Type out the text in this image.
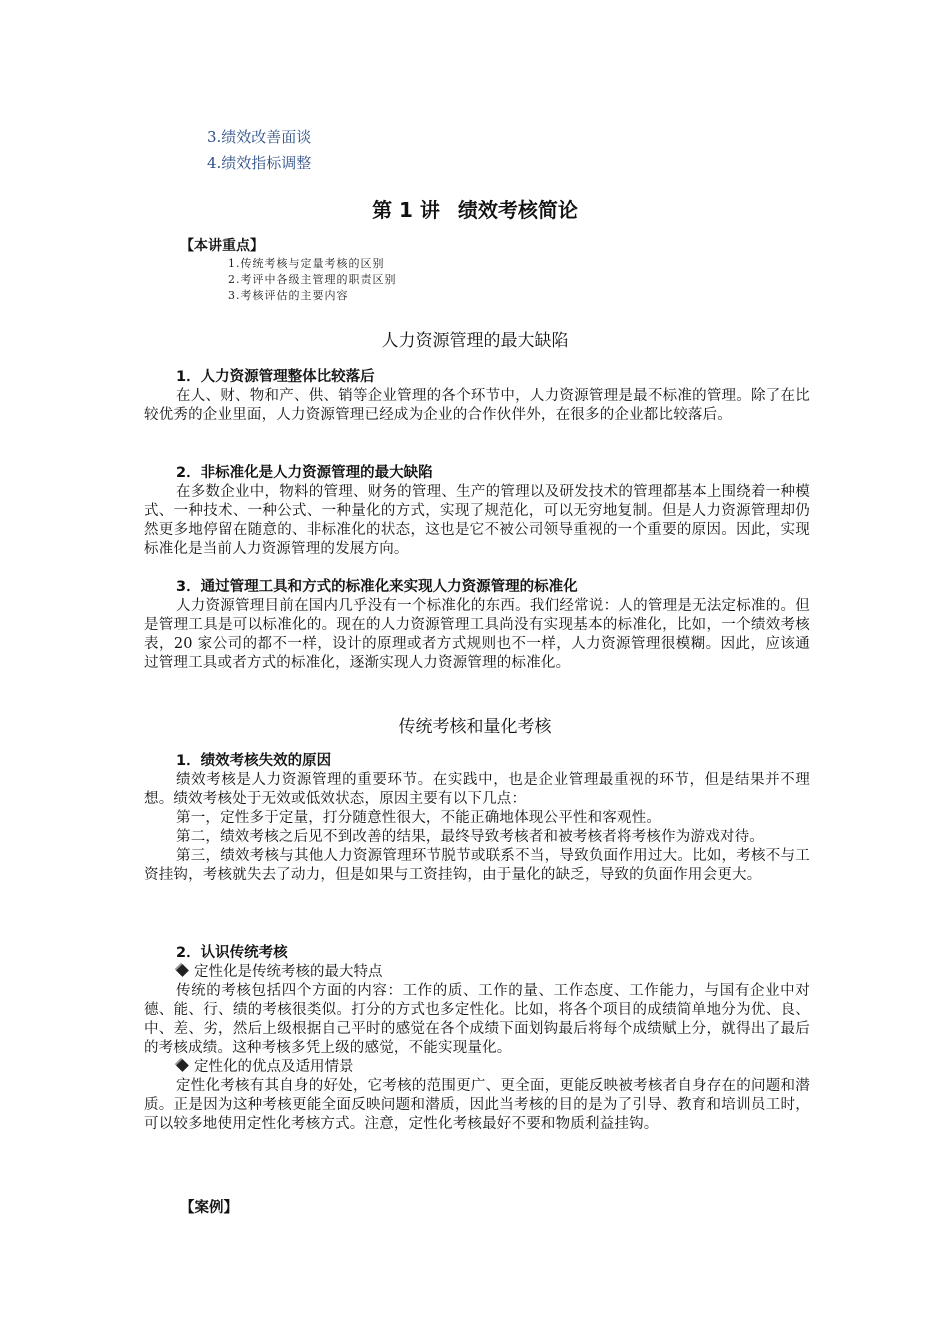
3.绩效改善面谈
4.绩效指标调整
第 1 讲 绩效考核简论
【本讲重点】
1.传统考核与定量考核的区别
2.考评中各级主管理的职责区别
3.考核评估的主要内容
人力资源管理的最大缺陷
1．人力资源管理整体比较落后
在人、财、物和产、供、销等企业管理的各个环节中，人力资源管理是最不标准的管理。除了在比较优秀的企业里面，人力资源管理已经成为企业的合作伙伴外，在很多的企业都比较落后。
2．非标准化是人力资源管理的最大缺陷
在多数企业中，物料的管理、财务的管理、生产的管理以及研发技术的管理都基本上围绕着一种模式、一种技术、一种公式、一种量化的方式，实现了规范化，可以无穷地复制。但是人力资源管理却仍然更多地停留在随意的、非标准化的状态，这也是它不被公司领导重视的一个重要的原因。因此，实现标准化是当前人力资源管理的发展方向。
3．通过管理工具和方式的标准化来实现人力资源管理的标准化
人力资源管理目前在国内几乎没有一个标准化的东西。我们经常说：人的管理是无法定标准的。但是管理工具是可以标准化的。现在的人力资源管理工具尚没有实现基本的标准化，比如，一个绩效考核表，20 家公司的都不一样，设计的原理或者方式规则也不一样，人力资源管理很模糊。因此，应该通过管理工具或者方式的标准化，逐渐实现人力资源管理的标准化。
传统考核和量化考核
1．绩效考核失效的原因
绩效考核是人力资源管理的重要环节。在实践中，也是企业管理最重视的环节，但是结果并不理想。绩效考核处于无效或低效状态，原因主要有以下几点：
第一，定性多于定量，打分随意性很大，不能正确地体现公平性和客观性。
第二，绩效考核之后见不到改善的结果，最终导致考核者和被考核者将考核作为游戏对待。
第三，绩效考核与其他人力资源管理环节脱节或联系不当，导致负面作用过大。比如，考核不与工资挂钩，考核就失去了动力，但是如果与工资挂钩，由于量化的缺乏，导致的负面作用会更大。
2．认识传统考核
定性化是传统考核的最大特点
传统的考核包括四个方面的内容：工作的质、工作的量、工作态度、工作能力，与国有企业中对德、能、行、绩的考核很类似。打分的方式也多定性化。比如，将各个项目的成绩简单地分为优、良、中、差、劣，然后上级根据自己平时的感觉在各个成绩下面划钩最后将每个成绩赋上分，就得出了最后的考核成绩。这种考核多凭上级的感觉，不能实现量化。
定性化的优点及适用情景
定性化考核有其自身的好处，它考核的范围更广、更全面，更能反映被考核者自身存在的问题和潜质。正是因为这种考核更能全面反映问题和潜质，因此当考核的目的是为了引导、教育和培训员工时，可以较多地使用定性化考核方式。注意，定性化考核最好不要和物质利益挂钩。
【案例】
